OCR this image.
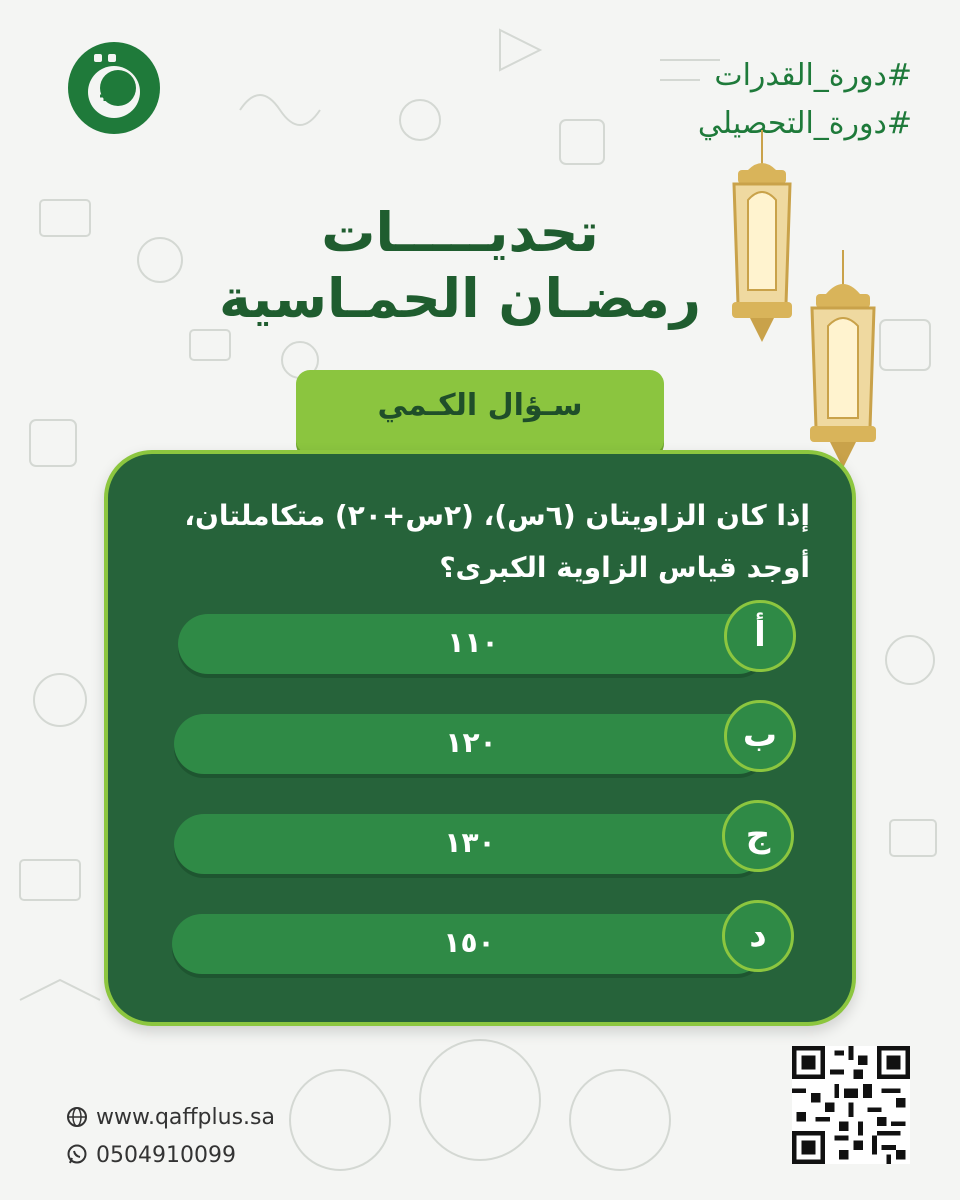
#دورة_القدرات
#دورة_التحصيلي
تحديـــــات
رمضـان الحمـاسية
سـؤال الكـمي
إذا كان الزاويتان (٦س)، (٢س+٢٠) متكاملتان،
أوجد قياس الزاوية الكبرى؟
١١٠	أ
١٢٠	ب
١٣٠	ج
١٥٠	د
www.qaffplus.sa
0504910099
